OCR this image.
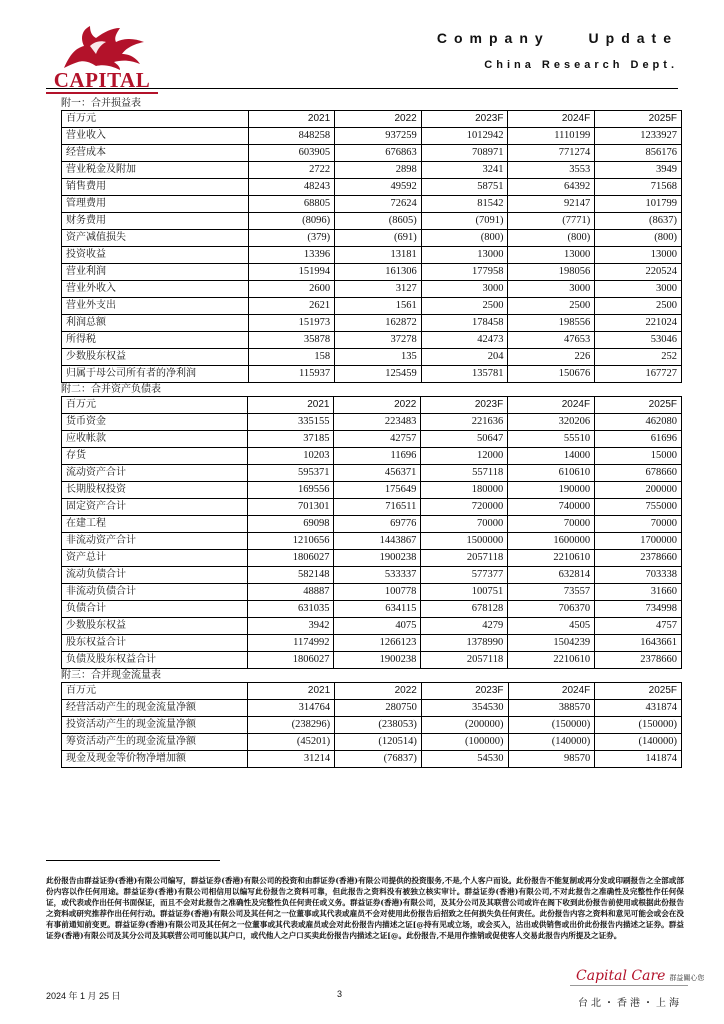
CAPITAL
Company Update
China Research Dept.
附一：合并损益表
百万元	2021	2022	2023F	2024F	2025F
营业收入	848258	937259	1012942	1110199	1233927
经营成本	603905	676863	708971	771274	856176
营业税金及附加	2722	2898	3241	3553	3949
销售费用	48243	49592	58751	64392	71568
管理费用	68805	72624	81542	92147	101799
财务费用	(8096)	(8605)	(7091)	(7771)	(8637)
资产减值损失	(379)	(691)	(800)	(800)	(800)
投资收益	13396	13181	13000	13000	13000
营业利润	151994	161306	177958	198056	220524
营业外收入	2600	3127	3000	3000	3000
营业外支出	2621	1561	2500	2500	2500
利润总额	151973	162872	178458	198556	221024
所得税	35878	37278	42473	47653	53046
少数股东权益	158	135	204	226	252
归属于母公司所有者的净利润	115937	125459	135781	150676	167727
附二：合并资产负债表
百万元	2021	2022	2023F	2024F	2025F
货币资金	335155	223483	221636	320206	462080
应收帐款	37185	42757	50647	55510	61696
存货	10203	11696	12000	14000	15000
流动资产合计	595371	456371	557118	610610	678660
长期股权投资	169556	175649	180000	190000	200000
固定资产合计	701301	716511	720000	740000	755000
在建工程	69098	69776	70000	70000	70000
非流动资产合计	1210656	1443867	1500000	1600000	1700000
资产总计	1806027	1900238	2057118	2210610	2378660
流动负债合计	582148	533337	577377	632814	703338
非流动负债合计	48887	100778	100751	73557	31660
负债合计	631035	634115	678128	706370	734998
少数股东权益	3942	4075	4279	4505	4757
股东权益合计	1174992	1266123	1378990	1504239	1643661
负债及股东权益合计	1806027	1900238	2057118	2210610	2378660
附三：合并现金流量表
百万元	2021	2022	2023F	2024F	2025F
经营活动产生的现金流量净额	314764	280750	354530	388570	431874
投资活动产生的现金流量净额	(238296)	(238053)	(200000)	(150000)	(150000)
筹资活动产生的现金流量净额	(45201)	(120514)	(100000)	(140000)	(140000)
现金及现金等价物净增加额	31214	(76837)	54530	98570	141874
此份报告由群益证券(香港)有限公司编写，群益证券(香港)有限公司的投资和由群证券(香港)有限公司提供的投资服务,不是,个人客户而设。此份报告不能复制或再分发或印刷报告之全部或部份内容以作任何用途。群益证券(香港)有限公司相信用以编写此份报告之资料可靠，但此报告之资料没有被独立核实审计。群益证券(香港)有限公司,不对此报告之准确性及完整性作任何保证，或代表或作出任何书面保证，而且不会对此报告之准确性及完整性负任何责任或义务。群益证券(香港)有限公司，及其分公司及其联营公司或许在阁下收到此份报告前使用或根据此份报告之资料或研究推荐作出任何行动。群益证券(香港)有限公司及其任何之一位董事或其代表或雇员不会对使用此份报告后招致之任何损失负任何责任。此份报告内容之资料和意见可能会或会在没有事前通知前变更。群益证券(香港)有限公司及其任何之一位董事或其代表或雇员或会对此份报告内描述之证[@持有见或立场，或会买入，沽出或供销售或出价此份报告内描述之证券。群益证券(香港)有限公司及其分公司及其联营公司可能以其户口，或代他人之户口买卖此份报告内描述之证[@。此份报告,不是用作推销或促使客人交易此报告内所提及之证券。
Capital Care 群益關心您
台北・香港・上海
2024 年 1 月 25 日	3
